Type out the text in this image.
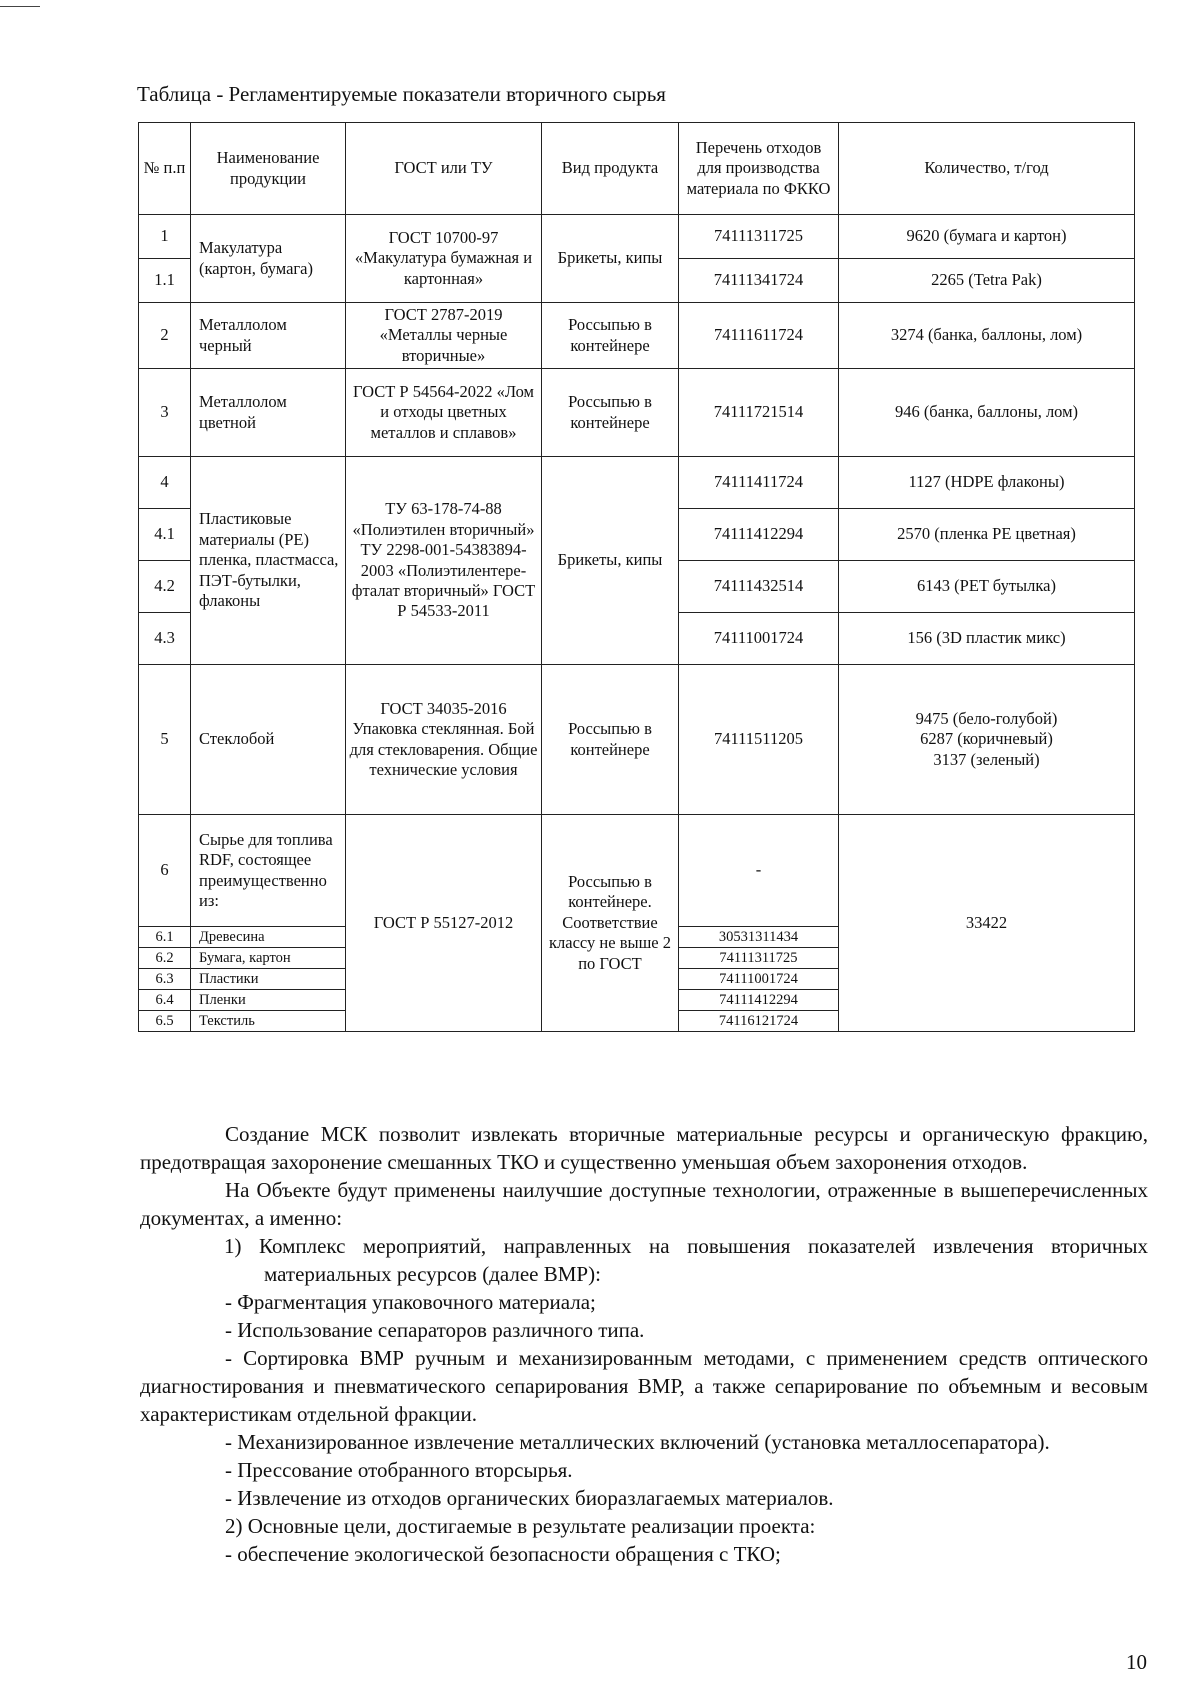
Таблица - Регламентируемые показатели вторичного сырья
№ п.п	Наименование продукции	ГОСТ или ТУ	Вид продукта	Перечень отходов для производства материала по ФККО	Количество, т/год
1	Макулатура (картон, бумага)	ГОСТ 10700-97 «Макулатура бумажная и картонная»	Брикеты, кипы	74111311725	9620 (бумага и картон)
1.1				74111341724	2265 (Tetra Pak)
2	Металлолом черный	ГОСТ 2787-2019 «Металлы черные вторичные»	Россыпью в контейнере	74111611724	3274 (банка, баллоны, лом)
3	Металлолом цветной	ГОСТ Р 54564-2022 «Лом и отходы цветных металлов и сплавов»	Россыпью в контейнере	74111721514	946 (банка, баллоны, лом)
4	Пластиковые материалы (РЕ) пленка, пластмасса, ПЭТ-бутылки, флаконы	ТУ 63-178-74-88 «Полиэтилен вторичный» ТУ 2298-001-54383894-2003 «Полиэтилентере-фталат вторичный» ГОСТ Р 54533-2011	Брикеты, кипы	74111411724	1127 (HDPE флаконы)
4.1				74111412294	2570 (пленка РЕ цветная)
4.2				74111432514	6143 (PET бутылка)
4.3				74111001724	156 (3D пластик микс)
5	Стеклобой	ГОСТ 34035-2016 Упаковка стеклянная. Бой для стекловарения. Общие технические условия	Россыпью в контейнере	74111511205	9475 (бело-голубой)
6287 (коричневый)
3137 (зеленый)

6	Сырье для топлива RDF, состоящее преимущественно из:	ГОСТ Р 55127-2012	Россыпью в контейнере. Соответствие классу не выше 2 по ГОСТ	-	33422
6.1	Древесина			30531311434	
6.2	Бумага, картон			74111311725	
6.3	Пластики			74111001724	
6.4	Пленки			74111412294	
6.5	Текстиль			74116121724	

Создание МСК позволит извлекать вторичные материальные ресурсы и органическую фракцию, предотвращая захоронение смешанных ТКО и существенно уменьшая объем захоронения отходов.

На Объекте будут применены наилучшие доступные технологии, отраженные в вышеперечисленных документах, а именно:

1) Комплекс мероприятий, направленных на повышения показателей извлечения вторичных материальных ресурсов (далее ВМР):

- Фрагментация упаковочного материала;

- Использование сепараторов различного типа.

- Сортировка ВМР ручным и механизированным методами, с применением средств оптического диагностирования и пневматического сепарирования ВМР, а также сепарирование по объемным и весовым характеристикам отдельной фракции.

- Механизированное извлечение металлических включений (установка металлосепаратора).

- Прессование отобранного вторсырья.

- Извлечение из отходов органических биоразлагаемых материалов.

2) Основные цели, достигаемые в результате реализации проекта:

- обеспечение экологической безопасности обращения с ТКО;

10
